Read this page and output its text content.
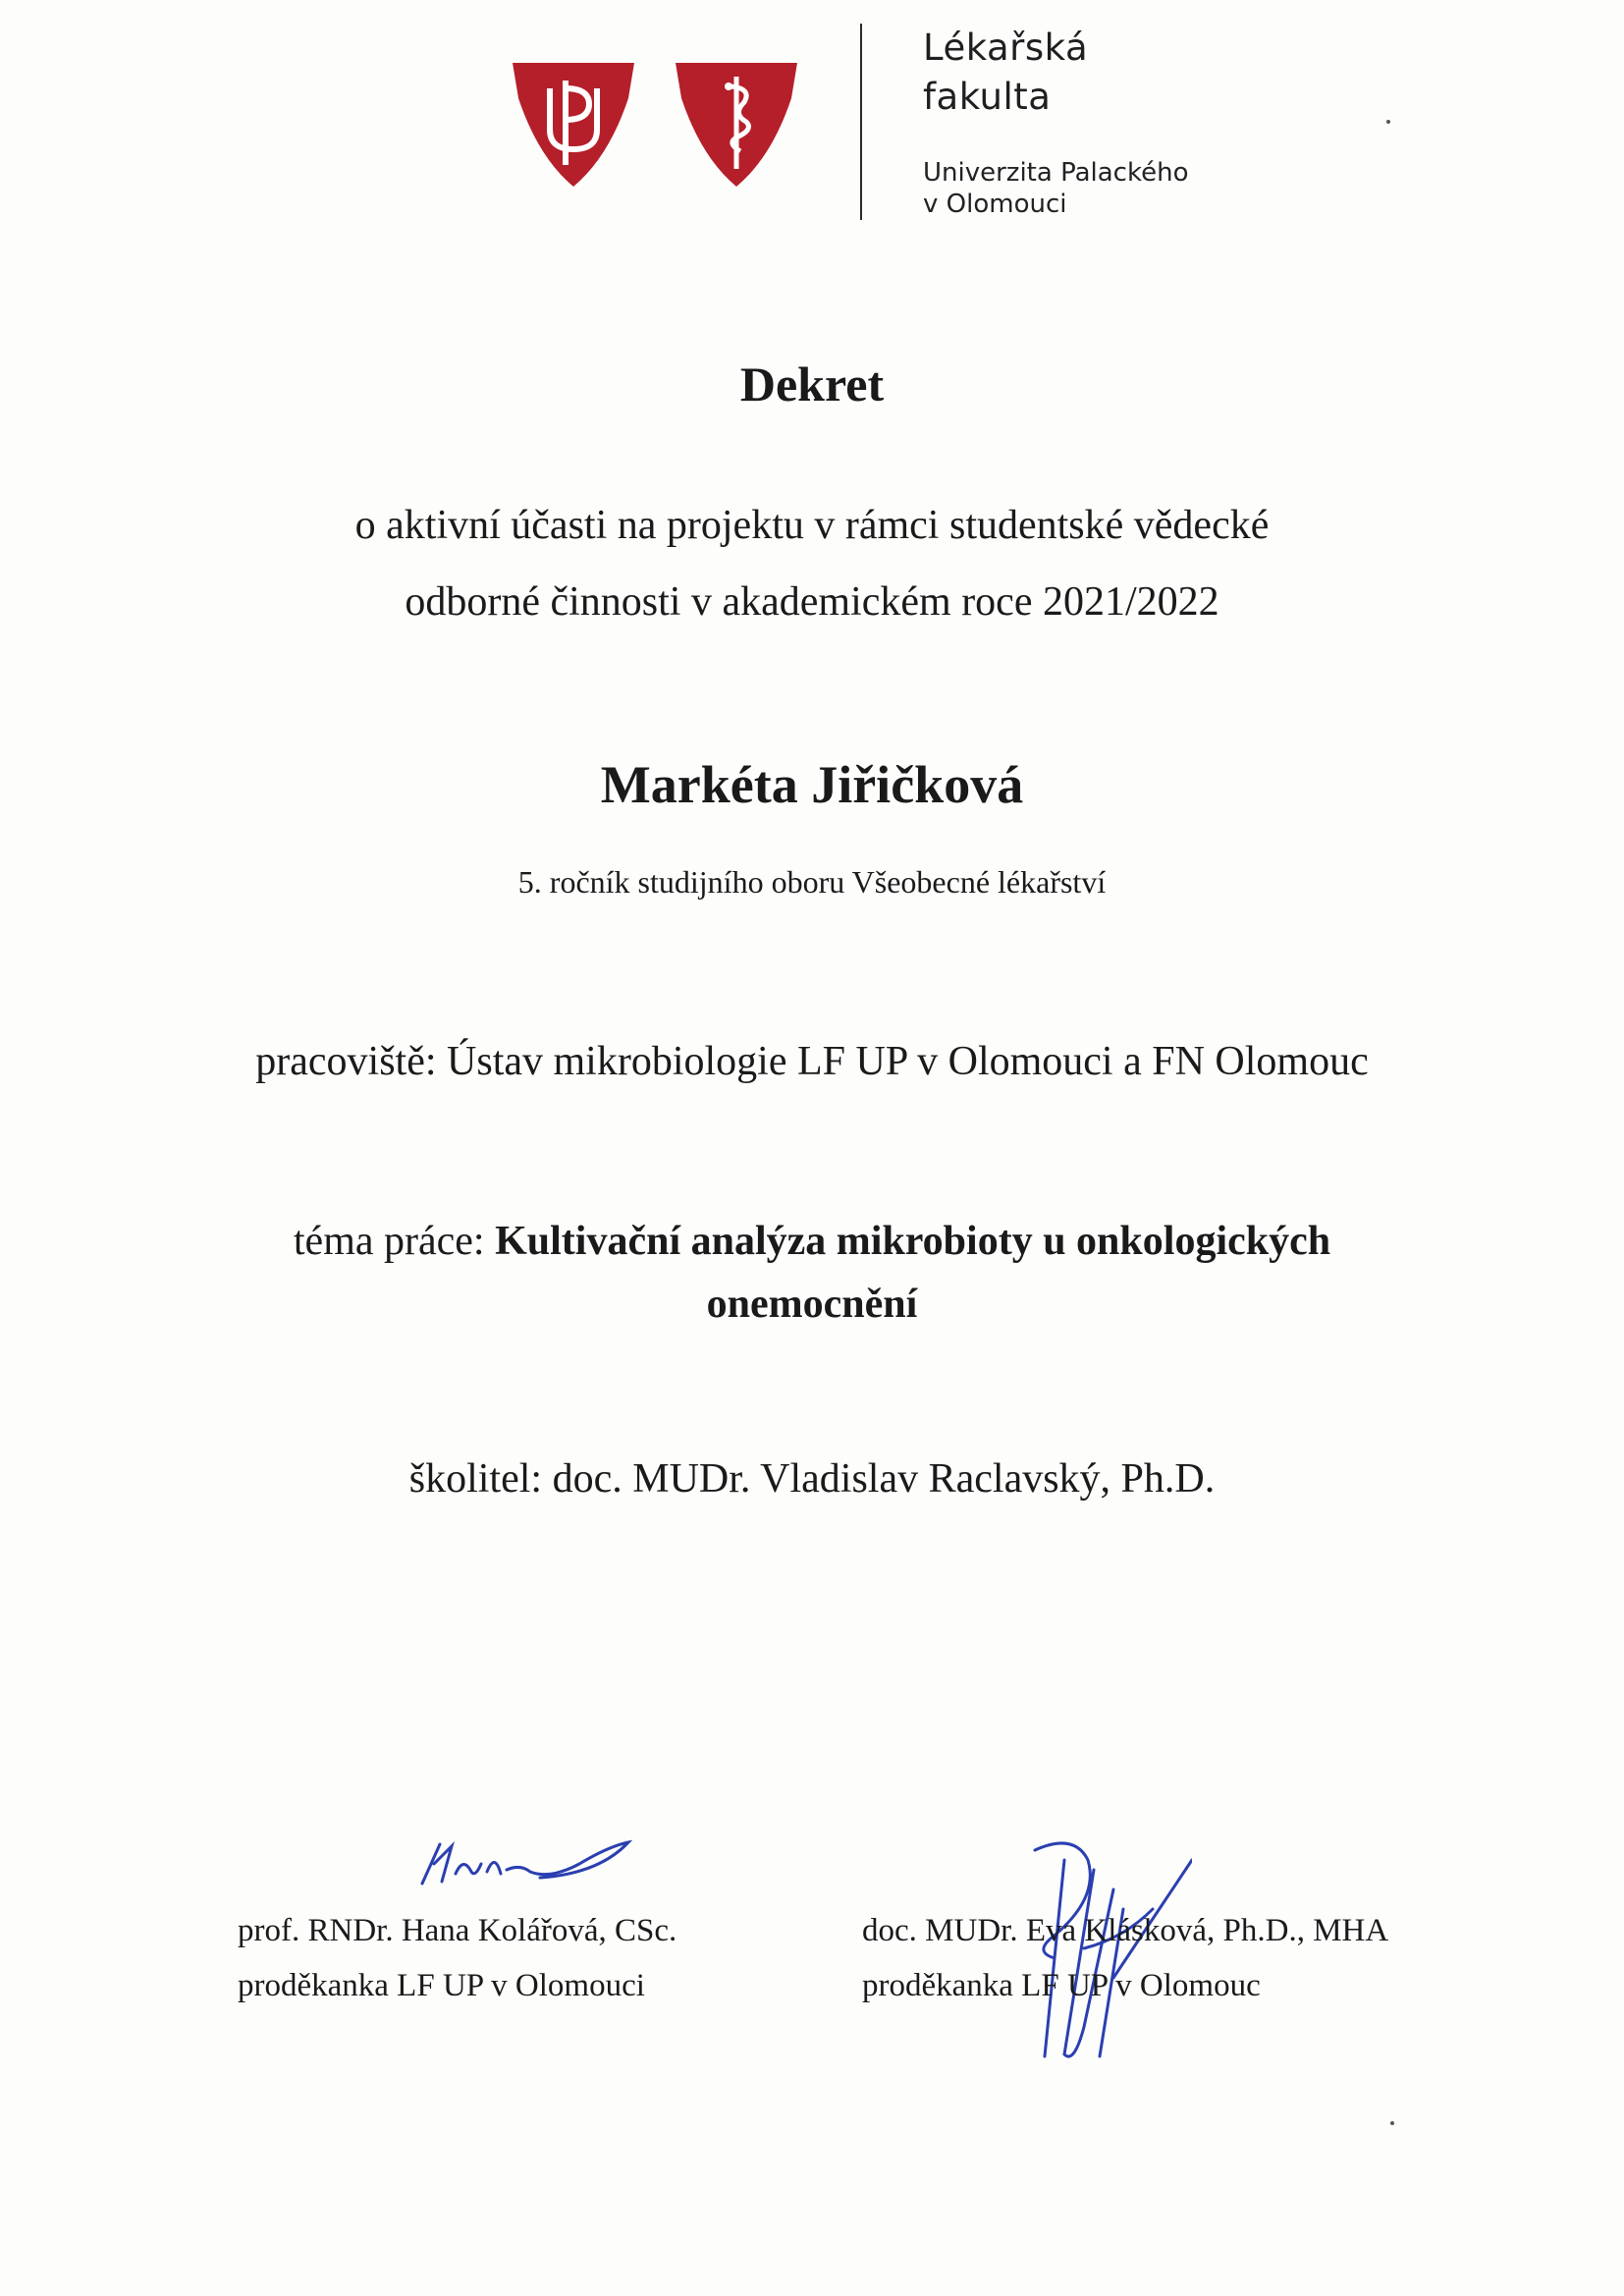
Lékařská
fakulta
Univerzita Palackého
v Olomouci
Dekret
o aktivní účasti na projektu v rámci studentské vědecké
odborné činnosti v akademickém roce 2021/2022
Markéta Jiřičková
5. ročník studijního oboru Všeobecné lékařství
pracoviště: Ústav mikrobiologie LF UP v Olomouci a FN Olomouc
téma práce: Kultivační analýza mikrobioty u onkologických onemocnění
školitel: doc. MUDr. Vladislav Raclavský, Ph.D.
prof. RNDr. Hana Kolářová, CSc.
proděkanka LF UP v Olomouci
doc. MUDr. Eva Klásková, Ph.D., MHA
proděkanka LF UP v Olomouc
